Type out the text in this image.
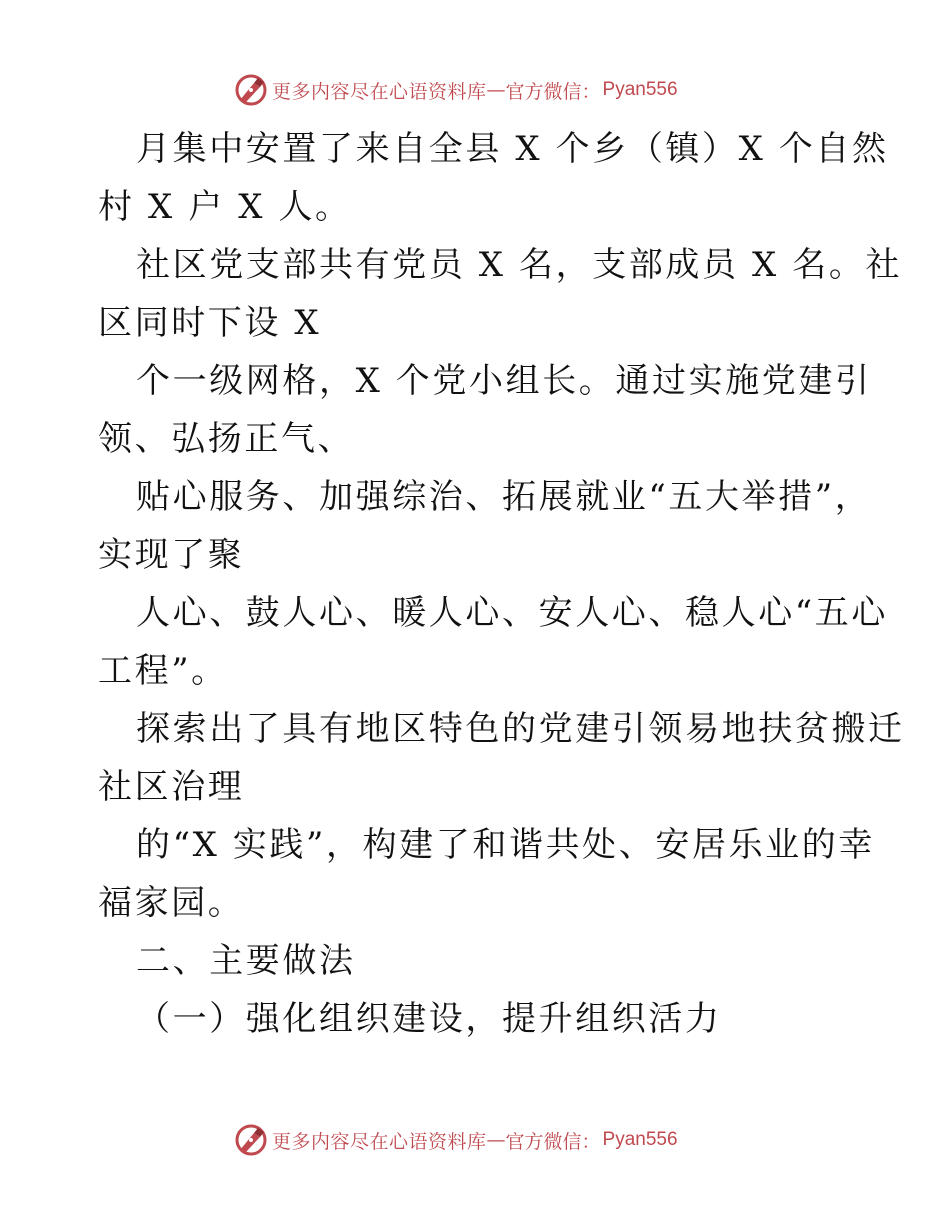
更多内容尽在心语资料库 — 官方微信： Pyan556
月集中安置了来自全县 X 个乡（镇）X 个自然
村 X 户 X 人。
社区党支部共有党员 X 名，支部成员 X 名。社
区同时下设 X
个一级网格，X 个党小组长。通过实施党建引
领、弘扬正气、
贴心服务、加强综治、拓展就业“五大举措”，
实现了聚
人心、鼓人心、暖人心、安人心、稳人心“五心
工程”。
探索出了具有地区特色的党建引领易地扶贫搬迁
社区治理
的“X 实践”，构建了和谐共处、安居乐业的幸
福家园。
二、主要做法
（一）强化组织建设，提升组织活力
更多内容尽在心语资料库 — 官方微信： Pyan556
